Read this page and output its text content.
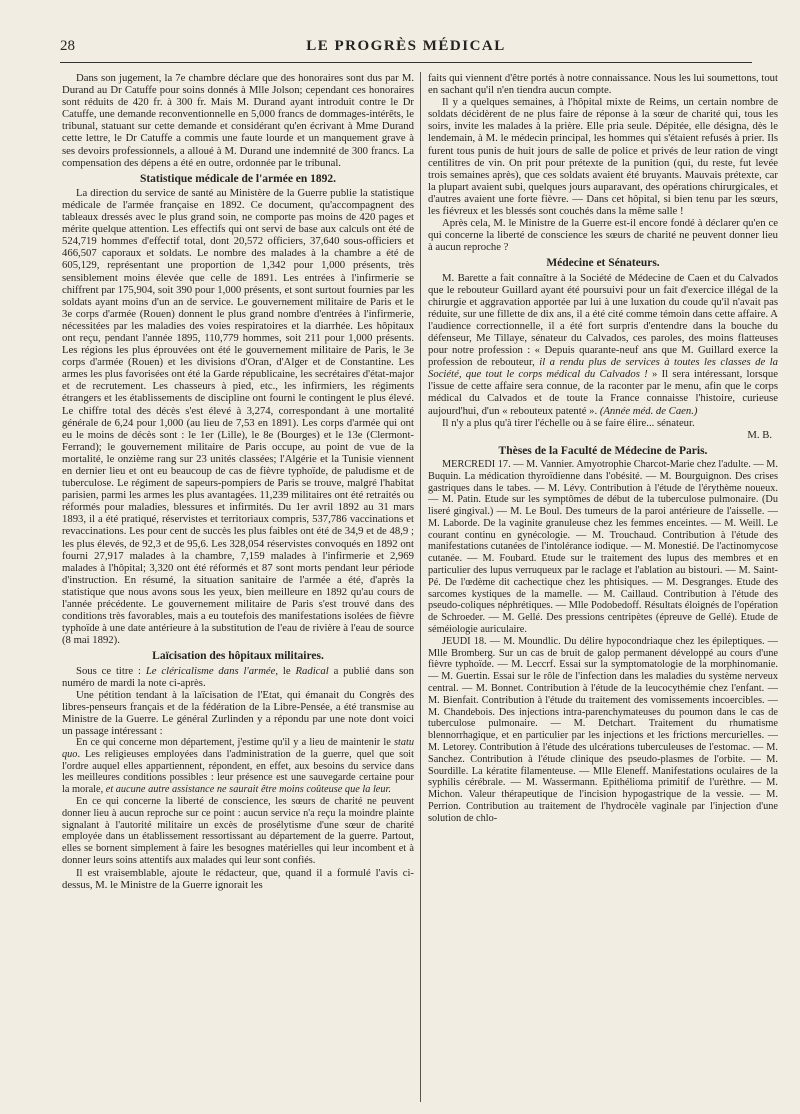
28	LE PROGRÈS MÉDICAL

Dans son jugement, la 7e chambre déclare que des honoraires sont dus par M. Durand au Dr Catuffe pour soins donnés à Mlle Jolson; cependant ces honoraires sont réduits de 420 fr. à 300 fr. Mais M. Durand ayant introduit contre le Dr Catuffe, une demande reconventionnelle en 5,000 francs de dommages-intérêts, le tribunal, statuant sur cette demande et considérant qu'en écrivant à Mme Durand cette lettre, le Dr Catuffe a commis une faute lourde et un manquement grave à ses devoirs professionnels, a alloué à M. Durand une indemnité de 300 francs. La compensation des dépens a été en outre, ordonnée par le tribunal.

Statistique médicale de l'armée en 1892.

La direction du service de santé au Ministère de la Guerre publie la statistique médicale de l'armée française en 1892. Ce document, qu'accompagnent des tableaux dressés avec le plus grand soin, ne comporte pas moins de 420 pages et mérite quelque attention. Les effectifs qui ont servi de base aux calculs ont été de 524,719 hommes d'effectif total, dont 20,572 officiers, 37,640 sous-officiers et 466,507 caporaux et soldats. Le nombre des malades à la chambre a été de 605,129, représentant une proportion de 1,342 pour 1,000 présents, très sensiblement moins élevée que celle de 1891. Les entrées à l'infirmerie se chiffrent par 175,904, soit 390 pour 1,000 présents, et sont surtout fournies par les soldats ayant moins d'un an de service. Le gouvernement militaire de Paris et le 3e corps d'armée (Rouen) donnent le plus grand nombre d'entrées à l'infirmerie, nécessitées par les maladies des voies respiratoires et la diarrhée. Les hôpitaux ont reçu, pendant l'année 1895, 110,779 hommes, soit 211 pour 1,000 présents. Les régions les plus éprouvées ont été le gouvernement militaire de Paris, le 3e corps d'armée (Rouen) et les divisions d'Oran, d'Alger et de Constantine. Les armes les plus favorisées ont été la Garde républicaine, les secrétaires d'état-major et de recrutement. Les chasseurs à pied, etc., les infirmiers, les régiments étrangers et les établissements de discipline ont fourni le contingent le plus élevé. Le chiffre total des décès s'est élevé à 3,274, correspondant à une mortalité générale de 6,24 pour 1,000 (au lieu de 7,53 en 1891). Les corps d'armée qui ont eu le moins de décès sont : le 1er (Lille), le 8e (Bourges) et le 13e (Clermont-Ferrand); le gouvernement militaire de Paris occupe, au point de vue de la mortalité, le onzième rang sur 23 unités classées; l'Algérie et la Tunisie viennent en dernier lieu et ont eu beaucoup de cas de fièvre typhoïde, de paludisme et de tuberculose. Le régiment de sapeurs-pompiers de Paris se trouve, malgré l'habitat parisien, parmi les armes les plus avantagées. 11,239 militaires ont été retraités ou réformés pour maladies, blessures et infirmités. Du 1er avril 1892 au 31 mars 1893, il a été pratiqué, réservistes et territoriaux compris, 537,786 vaccinations et revaccinations. Les pour cent de succès les plus faibles ont été de 34,9 et de 48,9 ; les plus élevés, de 92,3 et de 95,6. Les 328,054 réservistes convoqués en 1892 ont fourni 27,917 malades à la chambre, 7,159 malades à l'infirmerie et 2,969 malades à l'hôpital; 3,320 ont été réformés et 87 sont morts pendant leur période d'instruction. En résumé, la situation sanitaire de l'armée a été, d'après la statistique que nous avons sous les yeux, bien meilleure en 1892 qu'au cours de l'année précédente. Le gouvernement militaire de Paris s'est trouvé dans des conditions très favorables, mais a eu toutefois des manifestations isolées de fièvre typhoïde à une date antérieure à la substitution de l'eau de rivière à l'eau de source (8 mai 1892).

Laïcisation des hôpitaux militaires.

Sous ce titre : Le cléricalisme dans l'armée, le Radical a publié dans son numéro de mardi la note ci-après.

Une pétition tendant à la laïcisation de l'Etat, qui émanait du Congrès des libres-penseurs français et de la fédération de la Libre-Pensée, a été transmise au Ministre de la Guerre. Le général Zurlinden y a répondu par une note dont voici un passage intéressant :

En ce qui concerne mon département, j'estime qu'il y a lieu de maintenir le statu quo. Les religieuses employées dans l'administration de la guerre, quel que soit l'ordre auquel elles appartiennent, répondent, en effet, aux besoins du service dans les meilleures conditions possibles : leur présence est une sauvegarde certaine pour la morale, et aucune autre assistance ne saurait être moins coûteuse que la leur.

En ce qui concerne la liberté de conscience, les sœurs de charité ne peuvent donner lieu à aucun reproche sur ce point : aucun service n'a reçu la moindre plainte signalant à l'autorité militaire un excès de prosélytisme d'une sœur de charité employée dans un établissement ressortissant au département de la guerre. Partout, elles se bornent simplement à faire les besognes matérielles qui leur incombent et à donner leurs soins attentifs aux malades qui leur sont confiés.

Il est vraisemblable, ajoute le rédacteur, que, quand il a formulé l'avis ci-dessus, M. le Ministre de la Guerre ignorait les

faits qui viennent d'être portés à notre connaissance. Nous les lui soumettons, tout en sachant qu'il n'en tiendra aucun compte.

Il y a quelques semaines, à l'hôpital mixte de Reims, un certain nombre de soldats décidèrent de ne plus faire de réponse à la sœur de charité qui, tous les soirs, invite les malades à la prière. Elle pria seule. Dépitée, elle désigna, dès le lendemain, à M. le médecin principal, les hommes qui s'étaient refusés à prier. Ils furent tous punis de huit jours de salle de police et privés de leur ration de vingt centilitres de vin. On prit pour prétexte de la punition (qui, du reste, fut levée trois semaines après), que ces soldats avaient été bruyants. Mauvais prétexte, car la plupart avaient subi, quelques jours auparavant, des opérations chirurgicales, et d'autres avaient une forte fièvre. — Dans cet hôpital, si bien tenu par les sœurs, les fiévreux et les blessés sont couchés dans la même salle !

Après cela, M. le Ministre de la Guerre est-il encore fondé à déclarer qu'en ce qui concerne la liberté de conscience les sœurs de charité ne peuvent donner lieu à aucun reproche ?

Médecine et Sénateurs.

M. Barette a fait connaître à la Société de Médecine de Caen et du Calvados que le rebouteur Guillard ayant été poursuivi pour un fait d'exercice illégal de la chirurgie et aggravation apportée par lui à une luxation du coude qu'il n'avait pas réduite, sur une fillette de dix ans, il a été cité comme témoin dans cette affaire. A l'audience correctionnelle, il a été fort surpris d'entendre dans la bouche du défenseur, Me Tillaye, sénateur du Calvados, ces paroles, des moins flatteuses pour notre profession : « Depuis quarante-neuf ans que M. Guillard exerce la profession de rebouteur, il a rendu plus de services à toutes les classes de la Société, que tout le corps médical du Calvados ! » Il sera intéressant, lorsque l'issue de cette affaire sera connue, de la raconter par le menu, afin que le corps médical du Calvados et de toute la France connaisse l'histoire, curieuse aujourd'hui, d'un « rebouteux patenté ». (Année méd. de Caen.)

Il n'y a plus qu'à tirer l'échelle ou à se faire élire... sénateur.

M. B.
Thèses de la Faculté de Médecine de Paris.

MERCREDI 17. — M. Vannier. Amyotrophie Charcot-Marie chez l'adulte. — M. Buquin. La médication thyroïdienne dans l'obésité. — M. Bourguignon. Des crises gastriques dans le tabes. — M. Lévy. Contribution à l'étude de l'érythème noueux. — M. Patin. Etude sur les symptômes de début de la tuberculose pulmonaire. (Du liseré gingival.) — M. Le Boul. Des tumeurs de la paroi antérieure de l'aisselle. — M. Laborde. De la vaginite granuleuse chez les femmes enceintes. — M. Weill. Le courant continu en gynécologie. — M. Trouchaud. Contribution à l'étude des manifestations cutanées de l'intolérance iodique. — M. Monestié. De l'actinomycose cutanée. — M. Foubard. Etude sur le traitement des lupus des membres et en particulier des lupus verruqueux par le raclage et l'ablation au bistouri. — M. Saint-Pé. De l'œdème dit cachectique chez les phtisiques. — M. Desgranges. Etude des sarcomes kystiques de la mamelle. — M. Caillaud. Contribution à l'étude des pseudo-coliques néphrétiques. — Mlle Podobedoff. Résultats éloignés de l'opération de Schroeder. — M. Gellé. Des pressions centripètes (épreuve de Gellé). Etude de séméiologie auriculaire.

JEUDI 18. — M. Moundlic. Du délire hypocondriaque chez les épileptiques. — Mlle Bromberg. Sur un cas de bruit de galop permanent développé au cours d'une fièvre typhoïde. — M. Leccrf. Essai sur la symptomatologie de la morphinomanie. — M. Guertin. Essai sur le rôle de l'infection dans les maladies du système nerveux central. — M. Bonnet. Contribution à l'étude de la leucocythémie chez l'enfant. — M. Bienfait. Contribution à l'étude du traitement des vomissements incoercibles. — M. Chandebois. Des injections intra-parenchymateuses du poumon dans le cas de tuberculose pulmonaire. — M. Detchart. Traitement du rhumatisme blennorrhagique, et en particulier par les injections et les frictions mercurielles. — M. Letorey. Contribution à l'étude des ulcérations tuberculeuses de l'estomac. — M. Sanchez. Contribution à l'étude clinique des pseudo-plasmes de l'orbite. — M. Sourdille. La kératite filamenteuse. — Mlle Eleneff. Manifestations oculaires de la syphilis cérébrale. — M. Wassermann. Epithélioma primitif de l'urèthre. — M. Michon. Valeur thérapeutique de l'incision hypogastrique de la vessie. — M. Perrion. Contribution au traitement de l'hydrocèle vaginale par l'injection d'une solution de chlo-
